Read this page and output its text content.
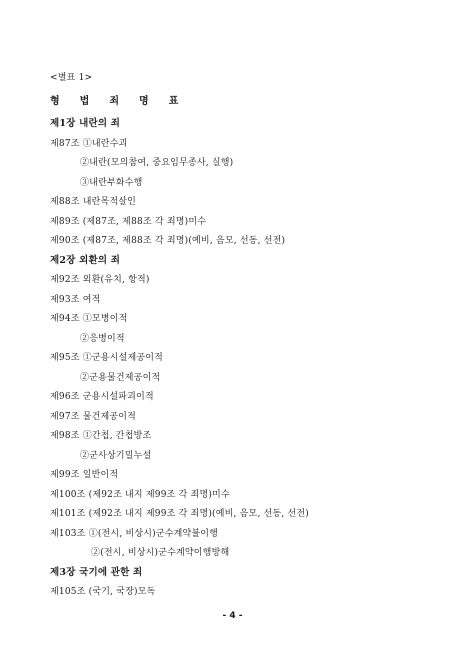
<별표 1>
형 법 죄 명 표
제1장 내란의 죄
제87조 ①내란수괴
②내란(모의참여, 중요임무종사, 실행)
③내란부화수행
제88조 내란목적살인
제89조 (제87조, 제88조 각 죄명)미수
제90조 (제87조, 제88조 각 죄명)(예비, 음모, 선동, 선전)
제2장 외환의 죄
제92조 외환(유치, 항적)
제93조 여적
제94조 ①모병이적
②응병이적
제95조 ①군용시설제공이적
②군용물건제공이적
제96조 군용시설파괴이적
제97조 물건제공이적
제98조 ①간첩, 간첩방조
②군사상기밀누설
제99조 일반이적
제100조 (제92조 내지 제99조 각 죄명)미수
제101조 (제92조 내지 제99조 각 죄명)(예비, 음모, 선동, 선전)
제103조 ①(전시, 비상시)군수계약불이행
②(전시, 비상시)군수계약이행방해
제3장 국기에 관한 죄
제105조 (국기, 국장)모독
- 4 -
